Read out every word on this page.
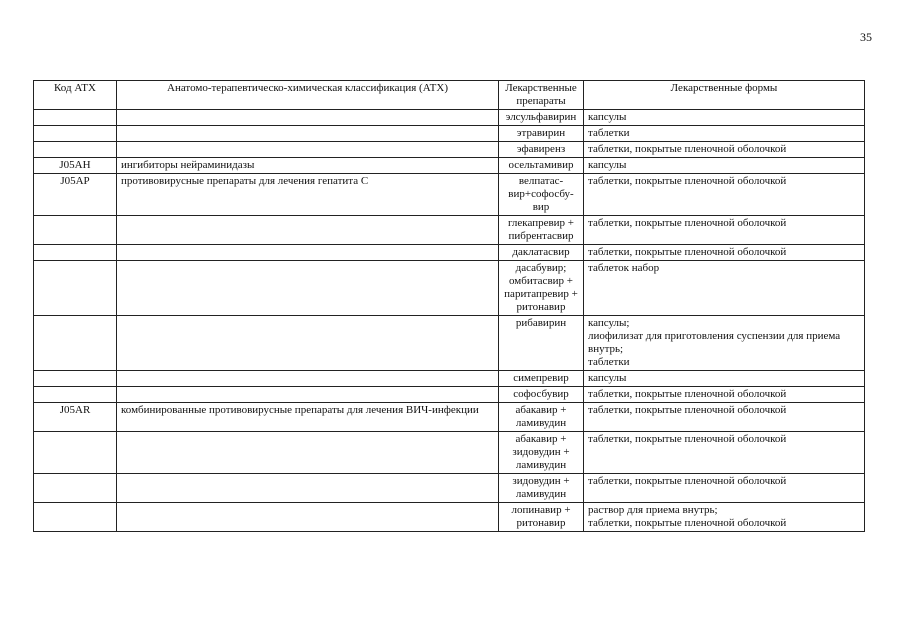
35
Код АТХ	Анатомо-терапевтическо-химическая классификация (АТХ)	Лекарственные препараты	Лекарственные формы
		элсульфавирин	капсулы
		этравирин	таблетки
		эфавиренз	таблетки, покрытые пленочной оболочкой
J05AH	ингибиторы нейраминидазы	осельтамивир	капсулы
J05AP	противовирусные препараты для лечения гепатита C	велпатас-вир+софосбу-вир	таблетки, покрытые пленочной оболочкой
		глекапревир + пибрентасвир	таблетки, покрытые пленочной оболочкой
		даклатасвир	таблетки, покрытые пленочной оболочкой
		дасабувир; омбитасвир + паритапревир + ритонавир	таблеток набор
		рибавирин	капсулы;
лиофилизат для приготовления суспензии для приема внутрь;
таблетки
		симепревир	капсулы
		софосбувир	таблетки, покрытые пленочной оболочкой
J05AR	комбинированные противовирусные препараты для лечения ВИЧ-инфекции	абакавир + ламивудин	таблетки, покрытые пленочной оболочкой
		абакавир + зидовудин + ламивудин	таблетки, покрытые пленочной оболочкой
		зидовудин + ламивудин	таблетки, покрытые пленочной оболочкой
		лопинавир + ритонавир	раствор для приема внутрь;
таблетки, покрытые пленочной оболочкой
